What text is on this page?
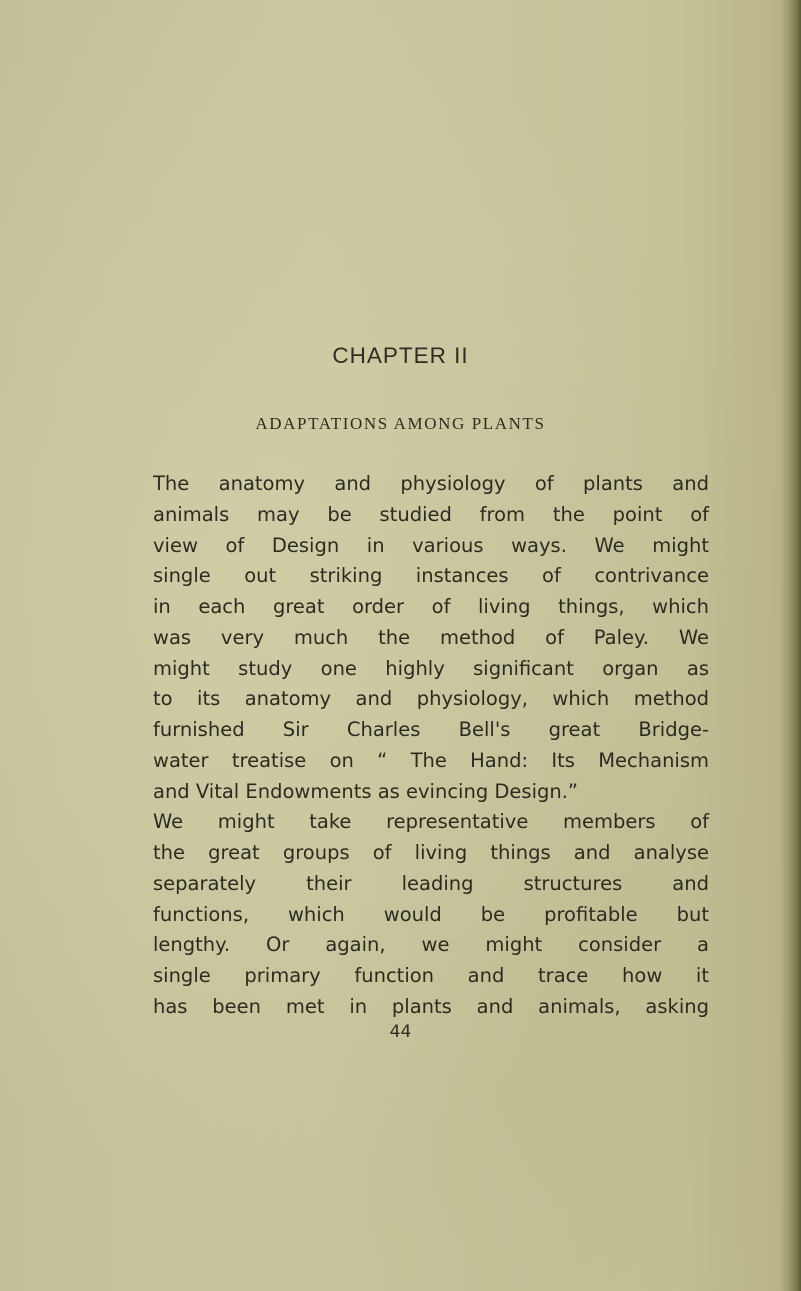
CHAPTER II
ADAPTATIONS AMONG PLANTS
The anatomy and physiology of plants and
animals may be studied from the point of
view of Design in various ways. We might
single out striking instances of contrivance
in each great order of living things, which
was very much the method of Paley. We
might study one highly significant organ as
to its anatomy and physiology, which method
furnished Sir Charles Bell's great Bridge-
water treatise on “ The Hand: Its Mechanism
and Vital Endowments as evincing Design.”
We might take representative members of
the great groups of living things and analyse
separately their leading structures and
functions, which would be profitable but
lengthy. Or again, we might consider a
single primary function and trace how it
has been met in plants and animals, asking
44
